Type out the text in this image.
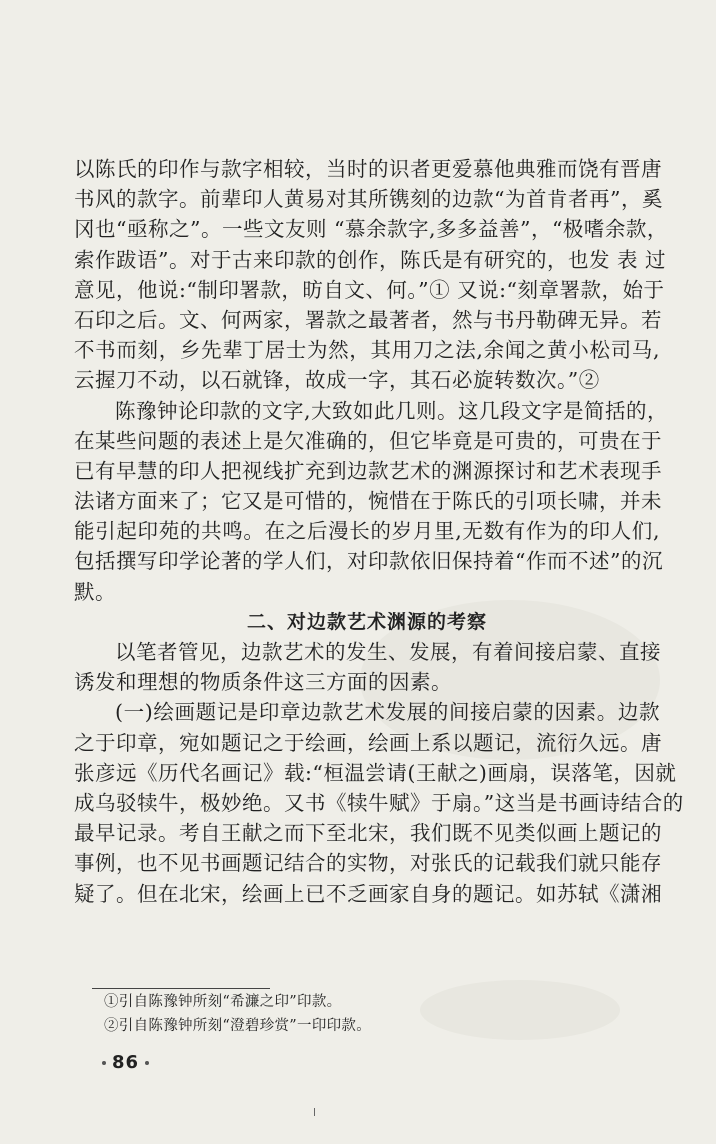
以陈氏的印作与款字相较，当时的识者更爱慕他典雅而饶有晋唐
书风的款字。前辈印人黄易对其所镌刻的边款“为首肯者再”，奚
冈也“亟称之”。一些文友则 “慕余款字,多多益善”，“极嗜余款，
索作跋语”。对于古来印款的创作，陈氏是有研究的，也发 表 过
意见，他说:“制印署款，昉自文、何。”① 又说:“刻章署款，始于
石印之后。文、何两家，署款之最著者，然与书丹勒碑无异。若
不书而刻，乡先辈丁居士为然，其用刀之法,余闻之黄小松司马,
云握刀不动，以石就锋，故成一字，其石必旋转数次。”②
陈豫钟论印款的文字,大致如此几则。这几段文字是简括的，
在某些问题的表述上是欠准确的，但它毕竟是可贵的，可贵在于
已有早慧的印人把视线扩充到边款艺术的渊源探讨和艺术表现手
法诸方面来了；它又是可惜的，惋惜在于陈氏的引项长啸，并未
能引起印苑的共鸣。在之后漫长的岁月里,无数有作为的印人们,
包括撰写印学论著的学人们，对印款依旧保持着“作而不述”的沉
默。
二、对边款艺术渊源的考察
以笔者管见，边款艺术的发生、发展，有着间接启蒙、直接
诱发和理想的物质条件这三方面的因素。
(一)绘画题记是印章边款艺术发展的间接启蒙的因素。边款
之于印章，宛如题记之于绘画，绘画上系以题记，流衍久远。唐
张彦远《历代名画记》载:“桓温尝请(王献之)画扇，误落笔，因就
成乌驳犊牛，极妙绝。又书《犊牛赋》于扇。”这当是书画诗结合的
最早记录。考自王献之而下至北宋，我们既不见类似画上题记的
事例，也不见书画题记结合的实物，对张氏的记载我们就只能存
疑了。但在北宋，绘画上已不乏画家自身的题记。如苏轼《潇湘
①引自陈豫钟所刻“希濂之印”印款。
②引自陈豫钟所刻“澄碧珍赏”一印印款。
86
